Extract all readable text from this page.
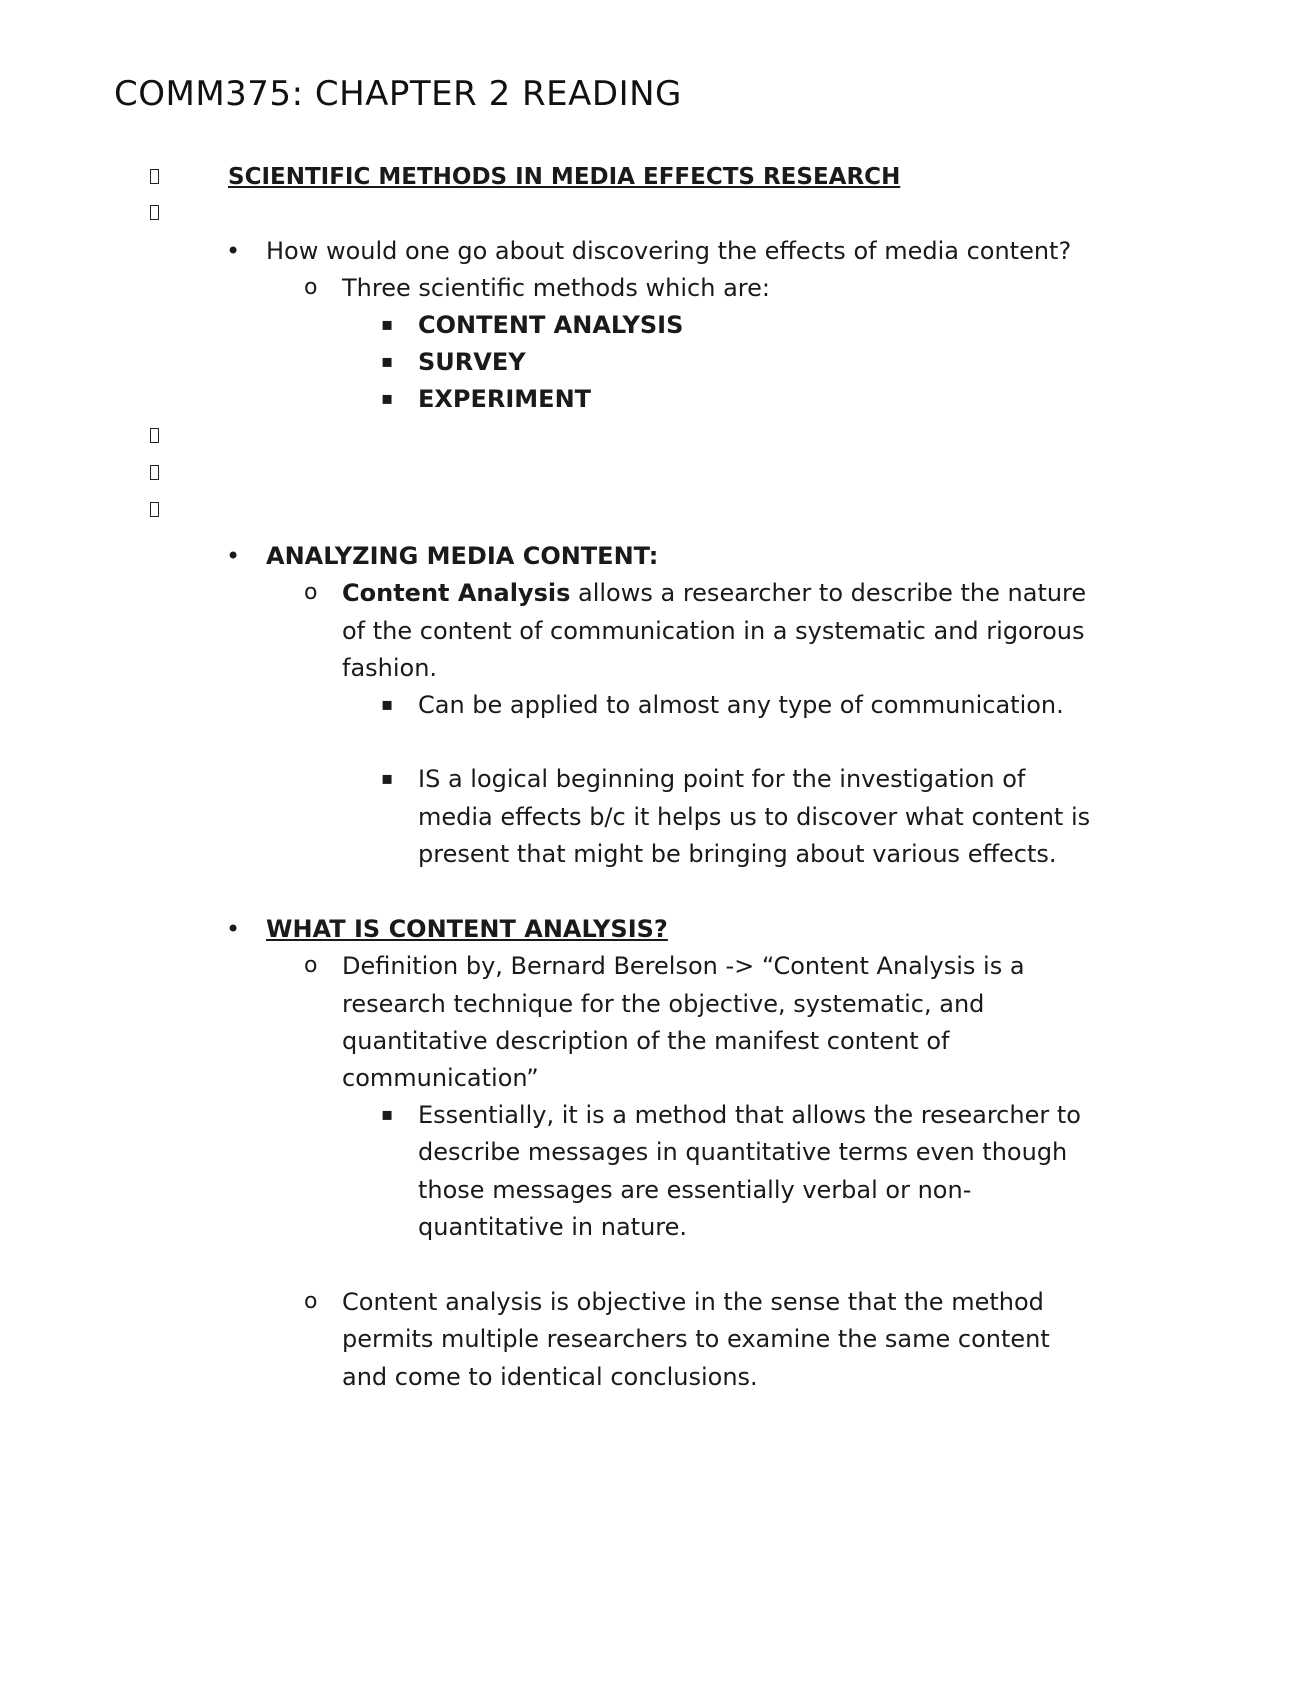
COMM375: CHAPTER 2 READING
SCIENTIFIC METHODS IN MEDIA EFFECTS RESEARCH
• How would one go about discovering the effects of media content?
o Three scientific methods which are:
▪ CONTENT ANALYSIS
▪ SURVEY
▪ EXPERIMENT
• ANALYZING MEDIA CONTENT:
o Content Analysis allows a researcher to describe the nature
of the content of communication in a systematic and rigorous
fashion.
▪ Can be applied to almost any type of communication.
▪ IS a logical beginning point for the investigation of
media effects b/c it helps us to discover what content is
present that might be bringing about various effects.
• WHAT IS CONTENT ANALYSIS?
o Definition by, Bernard Berelson -> “Content Analysis is a
research technique for the objective, systematic, and
quantitative description of the manifest content of
communication”
▪ Essentially, it is a method that allows the researcher to
describe messages in quantitative terms even though
those messages are essentially verbal or non-
quantitative in nature.
o Content analysis is objective in the sense that the method
permits multiple researchers to examine the same content
and come to identical conclusions.
